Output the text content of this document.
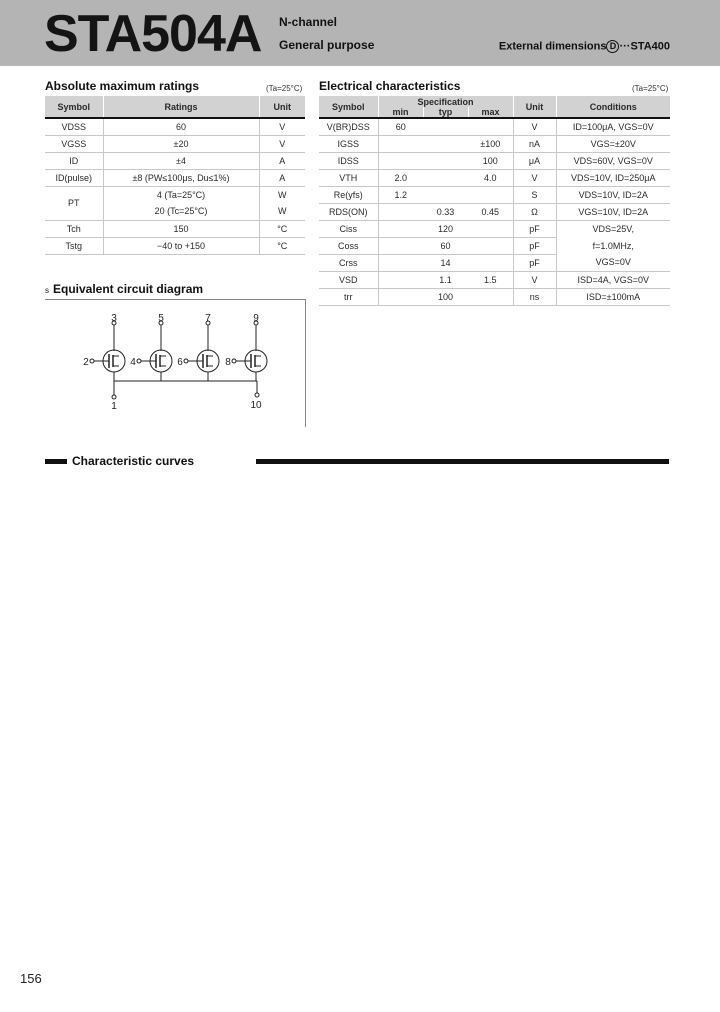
STA504A N-channel
General purpose	External dimensions D ···STA400
Absolute maximum ratings	(Ta=25°C)
Symbol	Ratings	Unit
VDSS	60	V
VGSS	±20	V
ID	±4	A
ID(pulse)	±8 (PW≤100μs, Du≤1%)	A
PT	4 (Ta=25°C)	W
	20 (Tc=25°C)	W
Tch	150	°C
Tstg	−40 to +150	°C
Electrical characteristics	(Ta=25°C)
Symbol	Specification			Unit	Conditions
	min	typ	max		
V(BR)DSS	60			V	ID=100μA, VGS=0V
IGSS			±100	nA	VGS=±20V
IDSS			100	μA	VDS=60V, VGS=0V
VTH	2.0		4.0	V	VDS=10V, ID=250μA
Re(yfs)	1.2			S	VDS=10V, ID=2A
RDS(ON)		0.33	0.45	Ω	VGS=10V, ID=2A
Ciss		120		pF	VDS=25V,
Coss		60		pF	f=1.0MHz,
Crss		14		pF	VGS=0V
VSD		1.1	1.5	V	ISD=4A, VGS=0V
trr		100		ns	ISD=±100mA
s Equivalent circuit diagram
1	10
3
2
5
4
7
6
9
8
Characteristic curves
156
